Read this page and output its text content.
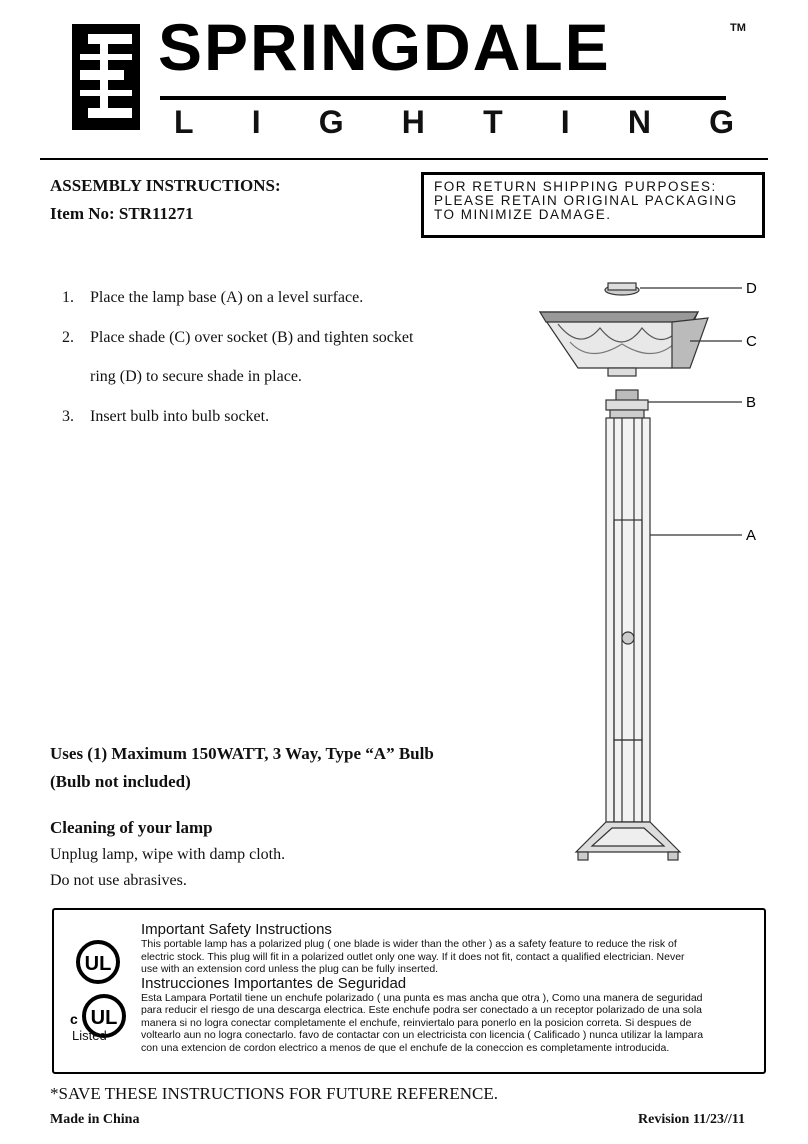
SPRINGDALE	TM
L I G H T I N G
ASSEMBLY INSTRUCTIONS:
Item No: STR11271
FOR RETURN SHIPPING PURPOSES:
PLEASE RETAIN ORIGINAL PACKAGING
TO MINIMIZE DAMAGE.
1.	Place the lamp base (A) on a level surface.
2.	Place shade (C) over socket (B) and tighten socket
ring (D) to secure shade in place.
3.	Insert bulb into bulb socket.
D
C
B
A
Uses (1) Maximum 150WATT, 3 Way, Type “A” Bulb
(Bulb not included)
Cleaning of your lamp
Unplug lamp, wipe with damp cloth.
Do not use abrasives.
UL
UL
c
Listed
Important Safety Instructions
This portable lamp has a polarized plug ( one blade is wider than the other ) as a safety feature to reduce the risk of
electric stock. This plug will fit in a polarized outlet only one way. If it does not fit, contact a qualified electrician. Never
use with an extension cord unless the plug can be fully inserted.
Instrucciones Importantes de Seguridad
Esta Lampara Portatil tiene un enchufe polarizado ( una punta es mas ancha que otra ), Como una manera de seguridad
para reducir el riesgo de una descarga electrica. Este enchufe podra ser conectado a un receptor polarizado de una sola
manera si no logra conectar completamente el enchufe, reinviertalo para ponerlo en la posicion correta. Si despues de
voltearlo aun no logra conectarlo. favo de contactar con un electricista con licencia ( Calificado ) nunca utilizar la lampara
con una extencion de cordon electrico a menos de que el enchufe de la coneccion es completamente introducida.
*SAVE THESE INSTRUCTIONS FOR FUTURE REFERENCE.
Made in China	Revision 11/23//11
